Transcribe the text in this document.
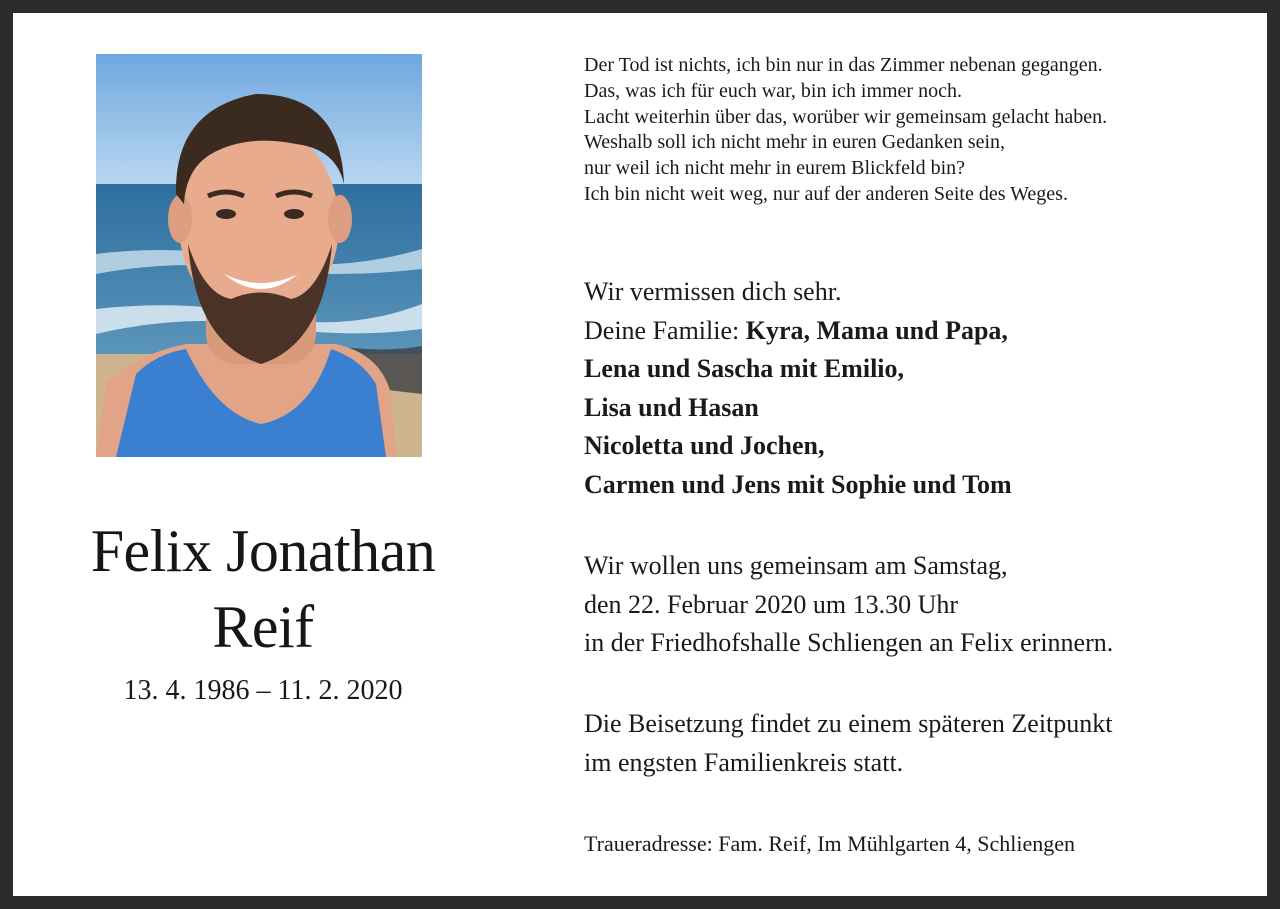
Felix Jonathan
Reif
13. 4. 1986 – 11. 2. 2020
Der Tod ist nichts, ich bin nur in das Zimmer nebenan gegangen.
Das, was ich für euch war, bin ich immer noch.
Lacht weiterhin über das, worüber wir gemeinsam gelacht haben.
Weshalb soll ich nicht mehr in euren Gedanken sein,
nur weil ich nicht mehr in eurem Blickfeld bin?
Ich bin nicht weit weg, nur auf der anderen Seite des Weges.
Wir vermissen dich sehr.
Deine Familie: Kyra, Mama und Papa,
Lena und Sascha mit Emilio,
Lisa und Hasan
Nicoletta und Jochen,
Carmen und Jens mit Sophie und Tom
Wir wollen uns gemeinsam am Samstag,
den 22. Februar 2020 um 13.30 Uhr
in der Friedhofshalle Schliengen an Felix erinnern.
Die Beisetzung findet zu einem späteren Zeitpunkt
im engsten Familienkreis statt.
Traueradresse: Fam. Reif, Im Mühlgarten 4, Schliengen
